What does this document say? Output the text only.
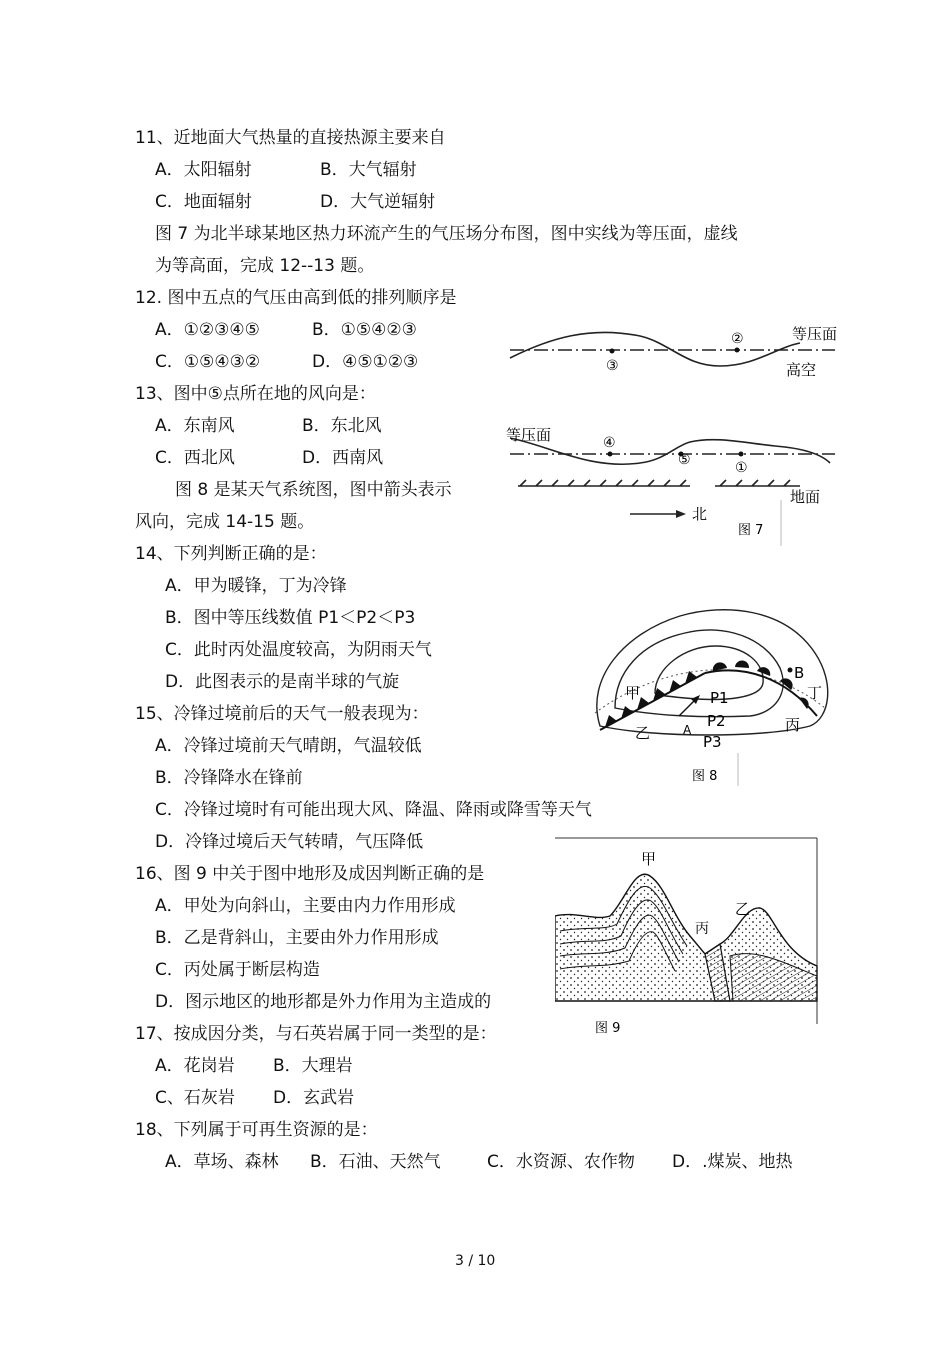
11、近地面大气热量的直接热源主要来自
A．太阳辐射	B．大气辐射
C．地面辐射	D．大气逆辐射
图 7 为北半球某地区热力环流产生的气压场分布图，图中实线为等压面，虚线
为等高面，完成 12--13 题。
12. 图中五点的气压由高到低的排列顺序是
A．①②③④⑤	B．①⑤④②③
C．①⑤④③②	D．④⑤①②③
13、图中⑤点所在地的风向是：
A．东南风	B．东北风
C．西北风	D．西南风
图 8 是某天气系统图，图中箭头表示
风向，完成 14-15 题。
14、下列判断正确的是：
A．甲为暖锋，丁为冷锋
B．图中等压线数值 P1＜P2＜P3
C．此时丙处温度较高，为阴雨天气
D．此图表示的是南半球的气旋
15、冷锋过境前后的天气一般表现为：
A．冷锋过境前天气晴朗，气温较低
B．冷锋降水在锋前
C．冷锋过境时有可能出现大风、降温、降雨或降雪等天气
D．冷锋过境后天气转晴，气压降低
16、图 9 中关于图中地形及成因判断正确的是
A．甲处为向斜山，主要由内力作用形成
B．乙是背斜山，主要由外力作用形成
C．丙处属于断层构造
D．图示地区的地形都是外力作用为主造成的
17、按成因分类，与石英岩属于同一类型的是：
A．花岗岩 B．大理岩
C、石灰岩 D．玄武岩
18、下列属于可再生资源的是：
A．草场、森林 B．石油、天然气	C．水资源、农作物 D．.煤炭、地热
③
②	等压面
高空
等压面	④
⑤	①
地面
北
图 7
B
甲
乙	丙
丁
A
P1
P2
P3
图 8
甲
乙
丙
图 9
3 / 10
